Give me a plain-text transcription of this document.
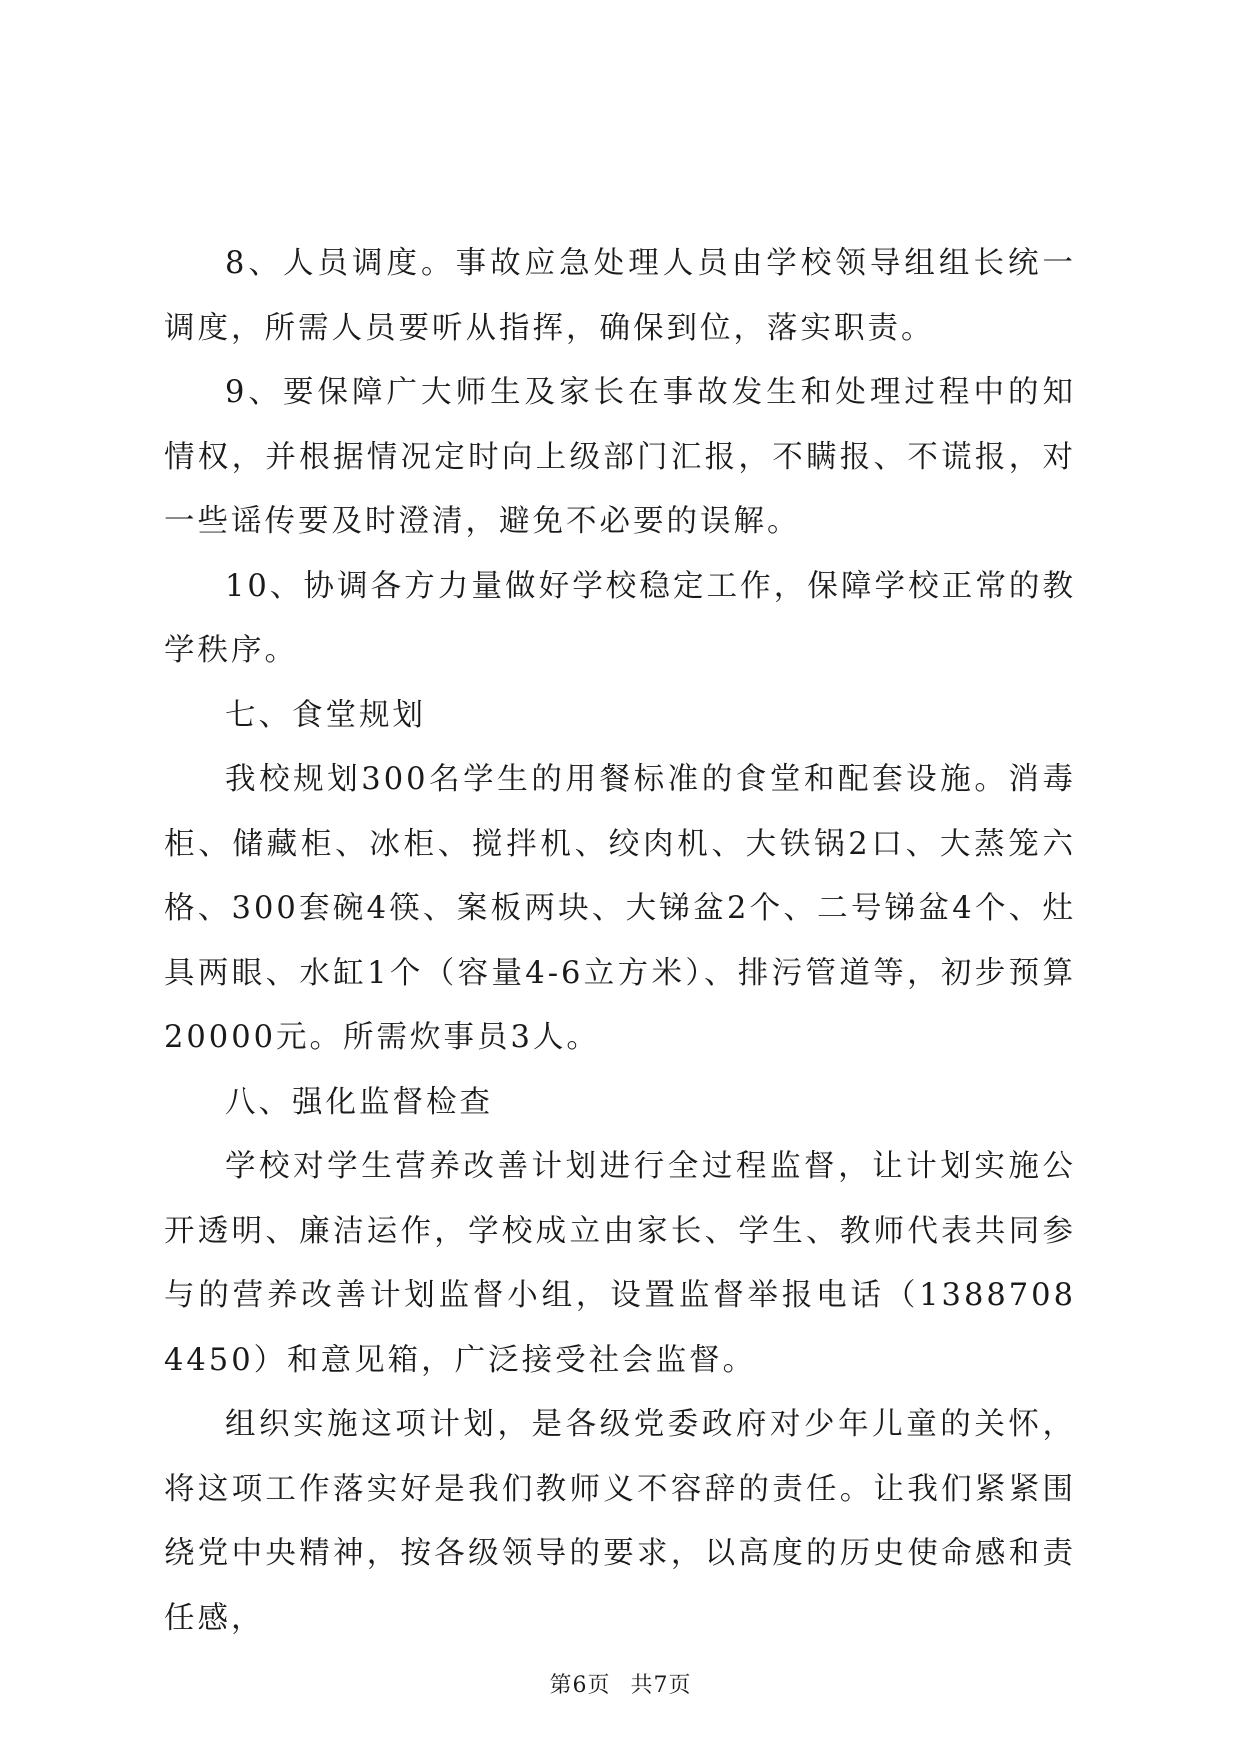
8、人员调度。事故应急处理人员由学校领导组组长统一调度，所需人员要听从指挥，确保到位，落实职责。

9、要保障广大师生及家长在事故发生和处理过程中的知情权，并根据情况定时向上级部门汇报，不瞒报、不谎报，对一些谣传要及时澄清，避免不必要的误解。

10、协调各方力量做好学校稳定工作，保障学校正常的教学秩序。

七、食堂规划

我校规划300名学生的用餐标准的食堂和配套设施。消毒柜、储藏柜、冰柜、搅拌机、绞肉机、大铁锅2口、大蒸笼六格、300套碗4筷、案板两块、大锑盆2个、二号锑盆4个、灶具两眼、水缸1个（容量4-6立方米）、排污管道等，初步预算20000元。所需炊事员3人。

八、强化监督检查

学校对学生营养改善计划进行全过程监督，让计划实施公开透明、廉洁运作，学校成立由家长、学生、教师代表共同参与的营养改善计划监督小组，设置监督举报电话（13887084450）和意见箱，广泛接受社会监督。

组织实施这项计划，是各级党委政府对少年儿童的关怀，将这项工作落实好是我们教师义不容辞的责任。让我们紧紧围绕党中央精神，按各级领导的要求，以高度的历史使命感和责任感，

第6页 共7页
